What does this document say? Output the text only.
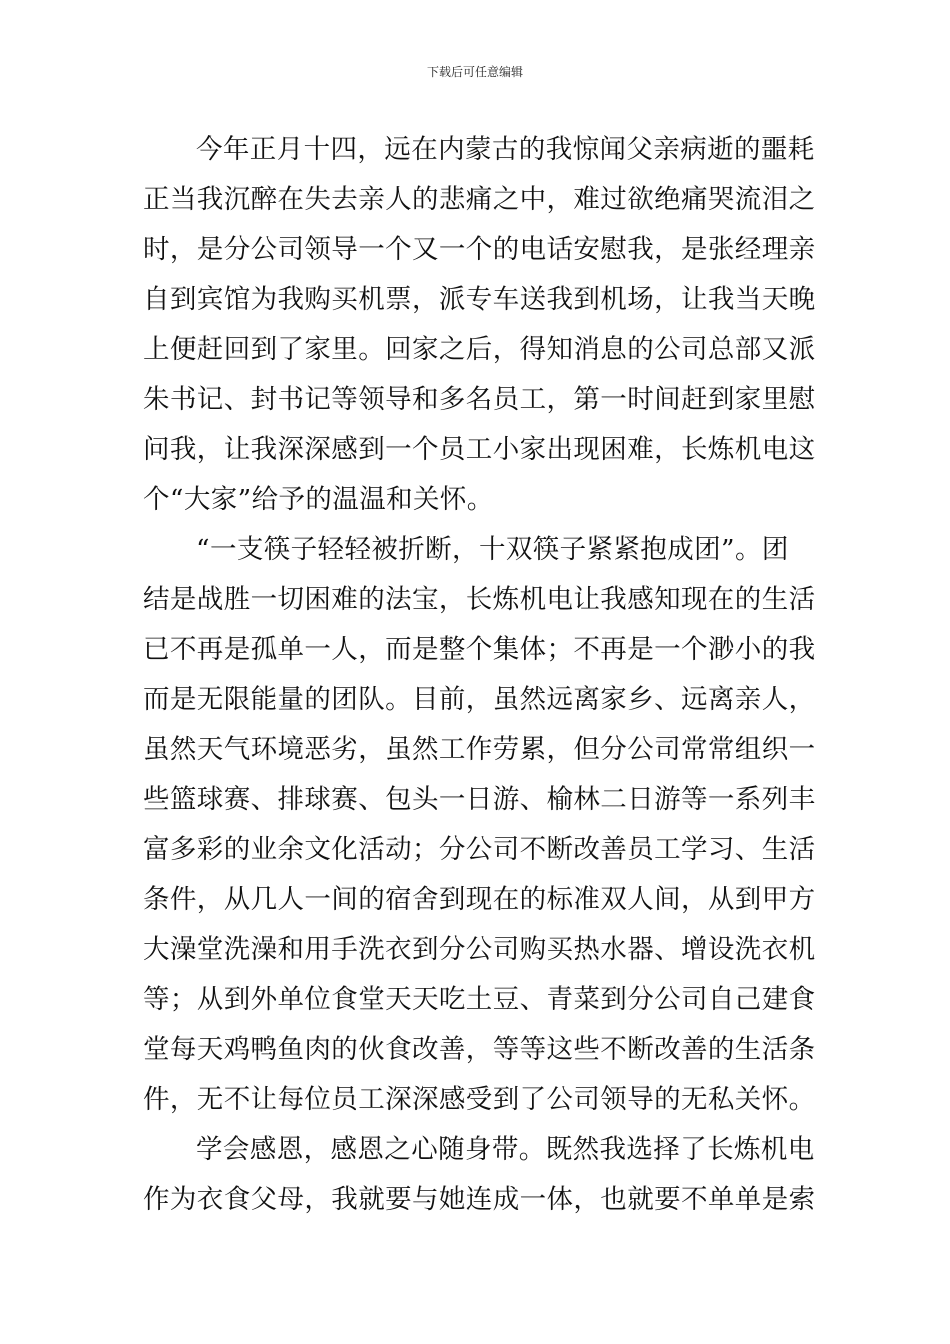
下载后可任意编辑
今年正月十四，远在内蒙古的我惊闻父亲病逝的噩耗
正当我沉醉在失去亲人的悲痛之中，难过欲绝痛哭流泪之
时，是分公司领导一个又一个的电话安慰我，是张经理亲
自到宾馆为我购买机票，派专车送我到机场，让我当天晚
上便赶回到了家里。回家之后，得知消息的公司总部又派
朱书记、封书记等领导和多名员工，第一时间赶到家里慰
问我，让我深深感到一个员工小家出现困难，长炼机电这
个“大家”给予的温温和关怀。
“一支筷子轻轻被折断，十双筷子紧紧抱成团”。团
结是战胜一切困难的法宝，长炼机电让我感知现在的生活
已不再是孤单一人，而是整个集体；不再是一个渺小的我
而是无限能量的团队。目前，虽然远离家乡、远离亲人，
虽然天气环境恶劣，虽然工作劳累，但分公司常常组织一
些篮球赛、排球赛、包头一日游、榆林二日游等一系列丰
富多彩的业余文化活动；分公司不断改善员工学习、生活
条件，从几人一间的宿舍到现在的标准双人间，从到甲方
大澡堂洗澡和用手洗衣到分公司购买热水器、增设洗衣机
等；从到外单位食堂天天吃土豆、青菜到分公司自己建食
堂每天鸡鸭鱼肉的伙食改善，等等这些不断改善的生活条
件，无不让每位员工深深感受到了公司领导的无私关怀。
学会感恩，感恩之心随身带。既然我选择了长炼机电
作为衣食父母，我就要与她连成一体，也就要不单单是索
